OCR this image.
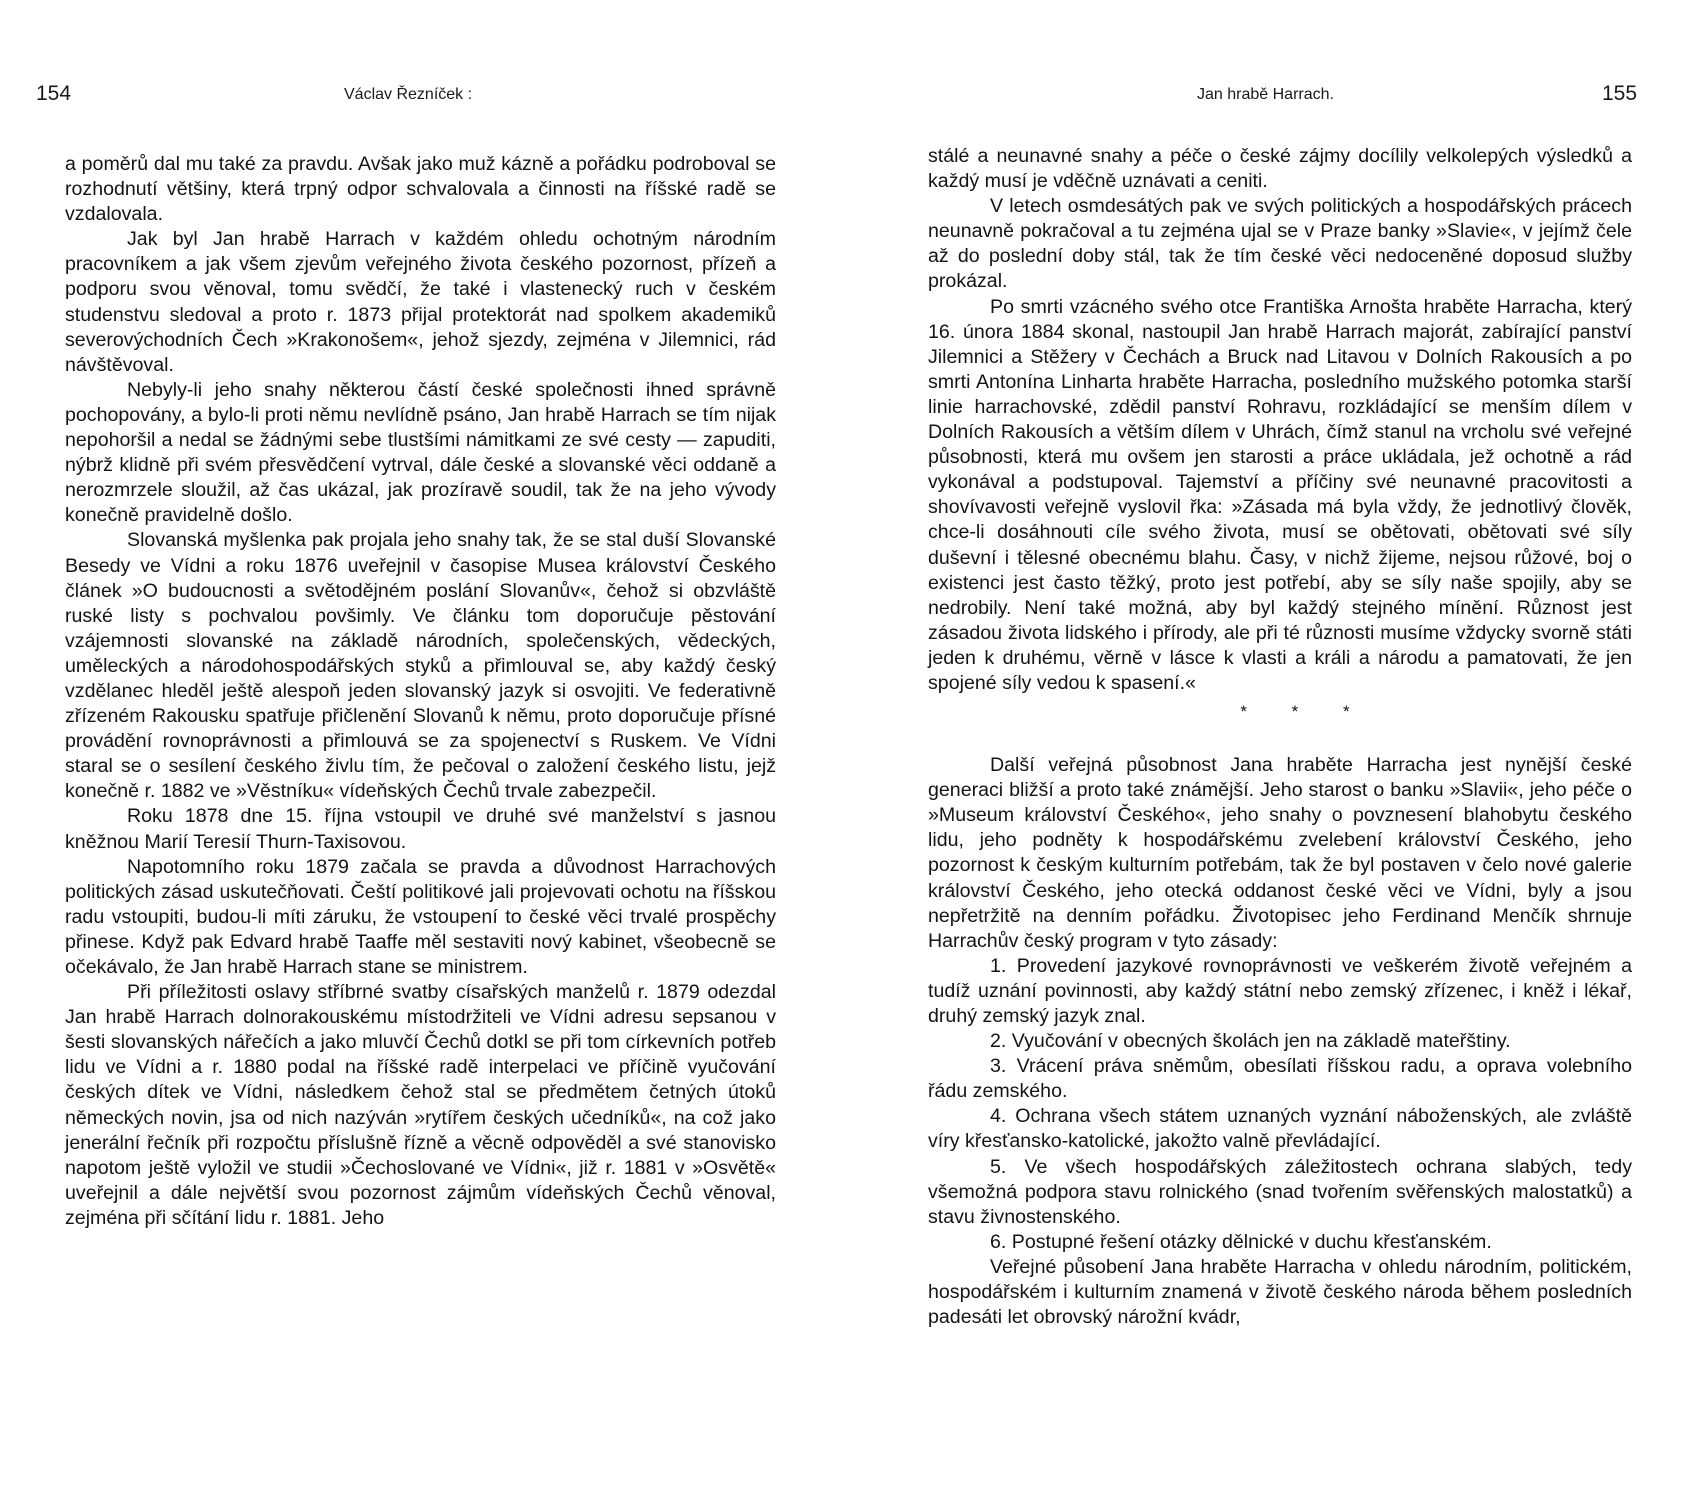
154	Václav Řezníček :

a poměrů dal mu také za pravdu. Avšak jako muž kázně a pořádku podroboval se rozhodnutí většiny, která trpný odpor schvalovala a činnosti na říšské radě se vzdalovala.

Jak byl Jan hrabě Harrach v každém ohledu ochotným národním pracovníkem a jak všem zjevům veřejného života českého pozornost, přízeň a podporu svou věnoval, tomu svědčí, že také i vlastenecký ruch v českém studenstvu sledoval a proto r. 1873 přijal protektorát nad spolkem akademiků severovýchodních Čech »Krakonošem«, jehož sjezdy, zejména v Jilemnici, rád návštěvoval.

Nebyly-li jeho snahy některou částí české společnosti ihned správně pochopovány, a bylo-li proti němu nevlídně psáno, Jan hrabě Harrach se tím nijak nepohoršil a nedal se žádnými sebe tlustšími námitkami ze své cesty — zapuditi, nýbrž klidně při svém přesvědčení vytrval, dále české a slovanské věci oddaně a nerozmrzele sloužil, až čas ukázal, jak prozíravě soudil, tak že na jeho vývody konečně pravidelně došlo.

Slovanská myšlenka pak projala jeho snahy tak, že se stal duší Slovanské Besedy ve Vídni a roku 1876 uveřejnil v časopise Musea království Českého článek »O budoucnosti a světodějném poslání Slovanův«, čehož si obzvláště ruské listy s pochvalou povšimly. Ve článku tom doporučuje pěstování vzájemnosti slovanské na základě národních, společenských, vědeckých, uměleckých a národohospodářských styků a přimlouval se, aby každý český vzdělanec hleděl ještě alespoň jeden slovanský jazyk si osvojiti. Ve federativně zřízeném Rakousku spatřuje přičlenění Slovanů k němu, proto doporučuje přísné provádění rovnoprávnosti a přimlouvá se za spojenectví s Ruskem. Ve Vídni staral se o sesílení českého živlu tím, že pečoval o založení českého listu, jejž konečně r. 1882 ve »Věstníku« vídeňských Čechů trvale zabezpečil.

Roku 1878 dne 15. října vstoupil ve druhé své manželství s jasnou kněžnou Marií Teresií Thurn-Taxisovou.

Napotomního roku 1879 začala se pravda a důvodnost Harrachových politických zásad uskutečňovati. Čeští politikové jali projevovati ochotu na říšskou radu vstoupiti, budou-li míti záruku, že vstoupení to české věci trvalé prospěchy přinese. Když pak Edvard hrabě Taaffe měl sestaviti nový kabinet, všeobecně se očekávalo, že Jan hrabě Harrach stane se ministrem.

Při příležitosti oslavy stříbrné svatby císařských manželů r. 1879 odezdal Jan hrabě Harrach dolnorakouskému místodržiteli ve Vídni adresu sepsanou v šesti slovanských nářečích a jako mluvčí Čechů dotkl se při tom církevních potřeb lidu ve Vídni a r. 1880 podal na říšské radě interpelaci ve příčině vyučování českých dítek ve Vídni, následkem čehož stal se předmětem četných útoků německých novin, jsa od nich nazýván »rytířem českých učedníků«, na což jako jenerální řečník při rozpočtu příslušně řízně a věcně odpověděl a své stanovisko napotom ještě vyložil ve studii »Čechoslované ve Vídni«, již r. 1881 v »Osvětě« uveřejnil a dále největší svou pozornost zájmům vídeňských Čechů věnoval, zejména při sčítání lidu r. 1881. Jeho

Jan hrabě Harrach.	155

stálé a neunavné snahy a péče o české zájmy docílily velkolepých výsledků a každý musí je vděčně uznávati a ceniti.

V letech osmdesátých pak ve svých politických a hospodářských prácech neunavně pokračoval a tu zejména ujal se v Praze banky »Slavie«, v jejímž čele až do poslední doby stál, tak že tím české věci nedoceněné doposud služby prokázal.

Po smrti vzácného svého otce Františka Arnošta hraběte Harracha, který 16. února 1884 skonal, nastoupil Jan hrabě Harrach majorát, zabírající panství Jilemnici a Stěžery v Čechách a Bruck nad Litavou v Dolních Rakousích a po smrti Antonína Linharta hraběte Harracha, posledního mužského potomka starší linie harrachovské, zdědil panství Rohravu, rozkládající se menším dílem v Dolních Rakousích a větším dílem v Uhrách, čímž stanul na vrcholu své veřejné působnosti, která mu ovšem jen starosti a práce ukládala, jež ochotně a rád vykonával a podstupoval. Tajemství a příčiny své neunavné pracovitosti a shovívavosti veřejně vyslovil řka: »Zásada má byla vždy, že jednotlivý člověk, chce-li dosáhnouti cíle svého života, musí se obětovati, obětovati své síly duševní i tělesné obecnému blahu. Časy, v nichž žijeme, nejsou růžové, boj o existenci jest často těžký, proto jest potřebí, aby se síly naše spojily, aby se nedrobily. Není také možná, aby byl každý stejného mínění. Různost jest zásadou života lidského i přírody, ale při té různosti musíme vždycky svorně státi jeden k druhému, věrně v lásce k vlasti a králi a národu a pamatovati, že jen spojené síly vedou k spasení.«

* * *

Další veřejná působnost Jana hraběte Harracha jest nynější české generaci bližší a proto také známější. Jeho starost o banku »Slavii«, jeho péče o »Museum království Českého«, jeho snahy o povznesení blahobytu českého lidu, jeho podněty k hospodářskému zvelebení království Českého, jeho pozornost k českým kulturním potřebám, tak že byl postaven v čelo nové galerie království Českého, jeho otecká oddanost české věci ve Vídni, byly a jsou nepřetržitě na denním pořádku. Životopisec jeho Ferdinand Menčík shrnuje Harrachův český program v tyto zásady:

1. Provedení jazykové rovnoprávnosti ve veškerém životě veřejném a tudíž uznání povinnosti, aby každý státní nebo zemský zřízenec, i kněž i lékař, druhý zemský jazyk znal.

2. Vyučování v obecných školách jen na základě mateřštiny.

3. Vrácení práva sněmům, obesílati říšskou radu, a oprava volebního řádu zemského.

4. Ochrana všech státem uznaných vyznání náboženských, ale zvláště víry křesťansko-katolické, jakožto valně převládající.

5. Ve všech hospodářských záležitostech ochrana slabých, tedy všemožná podpora stavu rolnického (snad tvořením svěřenských malostatků) a stavu živnostenského.

6. Postupné řešení otázky dělnické v duchu křesťanském.

Veřejné působení Jana hraběte Harracha v ohledu národním, politickém, hospodářském i kulturním znamená v životě českého národa během posledních padesáti let obrovský nárožní kvádr,
